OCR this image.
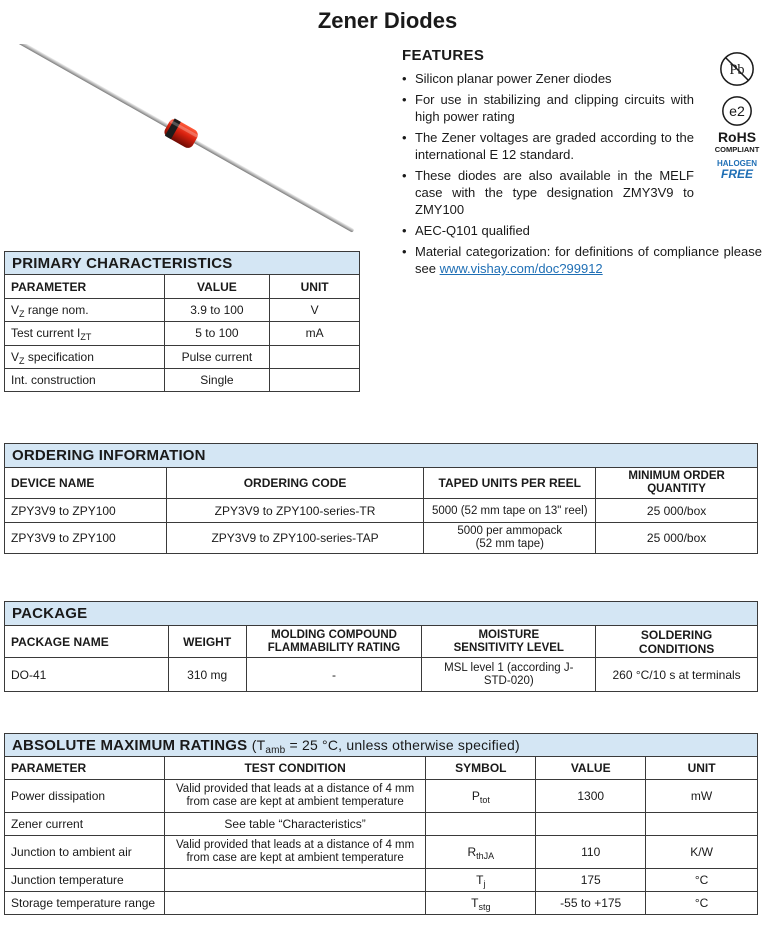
Zener Diodes
FEATURES
• Silicon planar power Zener diodes
• For use in stabilizing and clipping circuits with high power rating
• The Zener voltages are graded according to the international E 12 standard.
• These diodes are also available in the MELF case with the type designation ZMY3V9 to ZMY100
• AEC-Q101 qualified
• Material categorization: for definitions of compliance please see www.vishay.com/doc?99912
Pb
e2
RoHS
COMPLIANT
HALOGEN
FREE
PRIMARY CHARACTERISTICS		
PARAMETER	VALUE	UNIT
$V_Z$ range nom.	3.9 to 100	V
Test current $I_{ZT}$	5 to 100	mA
$V_Z$ specification	Pulse current	
Int. construction	Single	
ORDERING INFORMATION			
DEVICE NAME	ORDERING CODE	TAPED UNITS PER REEL	MINIMUM ORDER QUANTITY
ZPY3V9 to ZPY100	ZPY3V9 to ZPY100-series-TR	5000 (52 mm tape on 13" reel)	25 000/box
ZPY3V9 to ZPY100	ZPY3V9 to ZPY100-series-TAP	5000 per ammopack (52 mm tape)	25 000/box
PACKAGE				
PACKAGE NAME	WEIGHT	MOLDING COMPOUND FLAMMABILITY RATING	MOISTURE SENSITIVITY LEVEL	SOLDERING CONDITIONS
DO-41	310 mg	-	MSL level 1 (according J-STD-020)	260 °C/10 s at terminals
ABSOLUTE MAXIMUM RATINGS ($T_{amb} = 25$ °C, unless otherwise specified)				
PARAMETER	TEST CONDITION	SYMBOL	VALUE	UNIT
Power dissipation	Valid provided that leads at a distance of 4 mm from case are kept at ambient temperature	$P_{tot}$	1300	mW
Zener current	See table “Characteristics”			
Junction to ambient air	Valid provided that leads at a distance of 4 mm from case are kept at ambient temperature	$R_{thJA}$	110	K/W
Junction temperature		$T_j$	175	°C
Storage temperature range		$T_{stg}$	-55 to +175	°C
